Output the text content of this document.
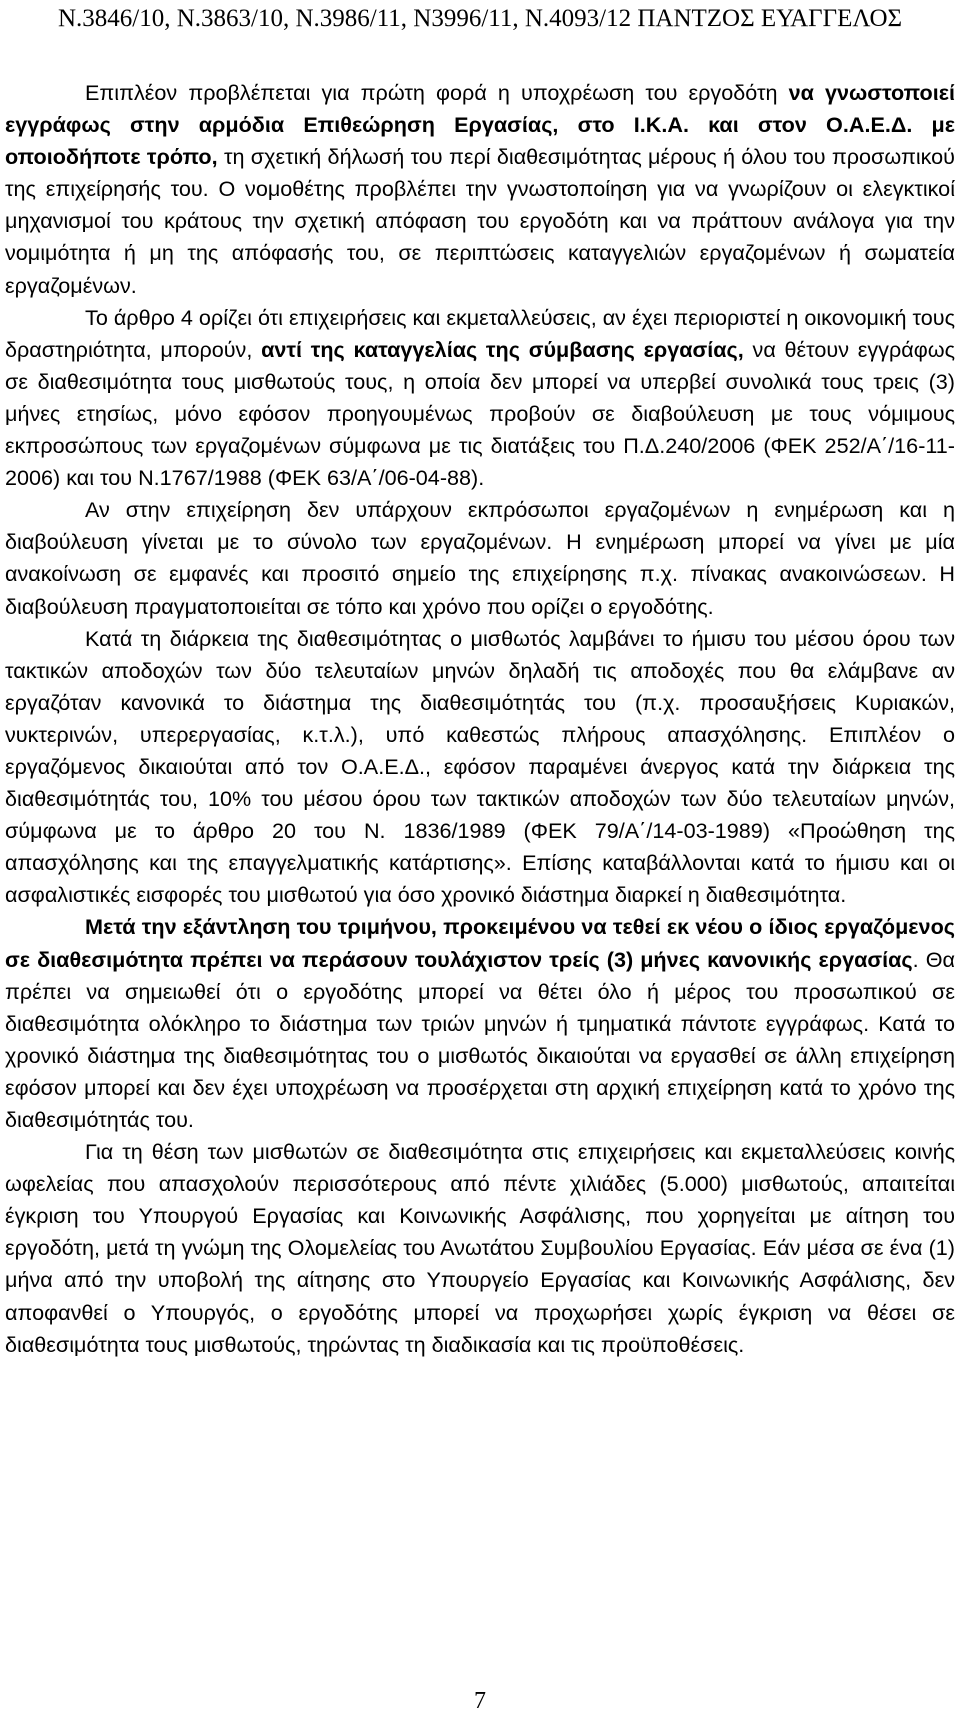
Ν.3846/10, Ν.3863/10, Ν.3986/11, Ν3996/11, Ν.4093/12 ΠΑΝΤΖΟΣ ΕΥΑΓΓΕΛΟΣ

Επιπλέον προβλέπεται για πρώτη φορά η υποχρέωση του εργοδότη να γνωστοποιεί εγγράφως στην αρμόδια Επιθεώρηση Εργασίας, στο Ι.Κ.Α. και στον Ο.Α.Ε.Δ. με οποιοδήποτε τρόπο, τη σχετική δήλωσή του περί διαθεσιμότητας μέρους ή όλου του προσωπικού της επιχείρησής του. Ο νομοθέτης προβλέπει την γνωστοποίηση για να γνωρίζουν οι ελεγκτικοί μηχανισμοί του κράτους την σχετική απόφαση του εργοδότη και να πράττουν ανάλογα για την νομιμότητα ή μη της απόφασής του, σε περιπτώσεις καταγγελιών εργαζομένων ή σωματεία εργαζομένων.

Το άρθρο 4 ορίζει ότι επιχειρήσεις και εκμεταλλεύσεις, αν έχει περιοριστεί η οικονομική τους δραστηριότητα, μπορούν, αντί της καταγγελίας της σύμβασης εργασίας, να θέτουν εγγράφως σε διαθεσιμότητα τους μισθωτούς τους, η οποία δεν μπορεί να υπερβεί συνολικά τους τρεις (3) μήνες ετησίως, μόνο εφόσον προηγουμένως προβούν σε διαβούλευση με τους νόμιμους εκπροσώπους των εργαζομένων σύμφωνα με τις διατάξεις του Π.Δ.240/2006 (ΦΕΚ 252/Α΄/16-11-2006) και του Ν.1767/1988 (ΦΕΚ 63/Α΄/06-04-88).

Αν στην επιχείρηση δεν υπάρχουν εκπρόσωποι εργαζομένων η ενημέρωση και η διαβούλευση γίνεται με το σύνολο των εργαζομένων. Η ενημέρωση μπορεί να γίνει με μία ανακοίνωση σε εμφανές και προσιτό σημείο της επιχείρησης π.χ. πίνακας ανακοινώσεων. Η διαβούλευση πραγματοποιείται σε τόπο και χρόνο που ορίζει ο εργοδότης.

Κατά τη διάρκεια της διαθεσιμότητας ο μισθωτός λαμβάνει το ήμισυ του μέσου όρου των τακτικών αποδοχών των δύο τελευταίων μηνών δηλαδή τις αποδοχές που θα ελάμβανε αν εργαζόταν κανονικά το διάστημα της διαθεσιμότητάς του (π.χ. προσαυξήσεις Κυριακών, νυκτερινών, υπερεργασίας, κ.τ.λ.), υπό καθεστώς πλήρους απασχόλησης. Επιπλέον ο εργαζόμενος δικαιούται από τον Ο.Α.Ε.Δ., εφόσον παραμένει άνεργος κατά την διάρκεια της διαθεσιμότητάς του, 10% του μέσου όρου των τακτικών αποδοχών των δύο τελευταίων μηνών, σύμφωνα με το άρθρο 20 του Ν. 1836/1989 (ΦΕΚ 79/Α΄/14-03-1989) «Προώθηση της απασχόλησης και της επαγγελματικής κατάρτισης». Επίσης καταβάλλονται κατά το ήμισυ και οι ασφαλιστικές εισφορές του μισθωτού για όσο χρονικό διάστημα διαρκεί η διαθεσιμότητα.

Μετά την εξάντληση του τριμήνου, προκειμένου να τεθεί εκ νέου ο ίδιος εργαζόμενος σε διαθεσιμότητα πρέπει να περάσουν τουλάχιστον τρείς (3) μήνες κανονικής εργασίας. Θα πρέπει να σημειωθεί ότι ο εργοδότης μπορεί να θέτει όλο ή μέρος του προσωπικού σε διαθεσιμότητα ολόκληρο το διάστημα των τριών μηνών ή τμηματικά πάντοτε εγγράφως. Κατά το χρονικό διάστημα της διαθεσιμότητας του ο μισθωτός δικαιούται να εργασθεί σε άλλη επιχείρηση εφόσον μπορεί και δεν έχει υποχρέωση να προσέρχεται στη αρχική επιχείρηση κατά το χρόνο της διαθεσιμότητάς του.

Για τη θέση των μισθωτών σε διαθεσιμότητα στις επιχειρήσεις και εκμεταλλεύσεις κοινής ωφελείας που απασχολούν περισσότερους από πέντε χιλιάδες (5.000) μισθωτούς, απαιτείται έγκριση του Υπουργού Εργασίας και Κοινωνικής Ασφάλισης, που χορηγείται με αίτηση του εργοδότη, μετά τη γνώμη της Ολομελείας του Ανωτάτου Συμβουλίου Εργασίας. Εάν μέσα σε ένα (1) μήνα από την υποβολή της αίτησης στο Υπουργείο Εργασίας και Κοινωνικής Ασφάλισης, δεν αποφανθεί ο Υπουργός, ο εργοδότης μπορεί να προχωρήσει χωρίς έγκριση να θέσει σε διαθεσιμότητα τους μισθωτούς, τηρώντας τη διαδικασία και τις προϋποθέσεις.

7
